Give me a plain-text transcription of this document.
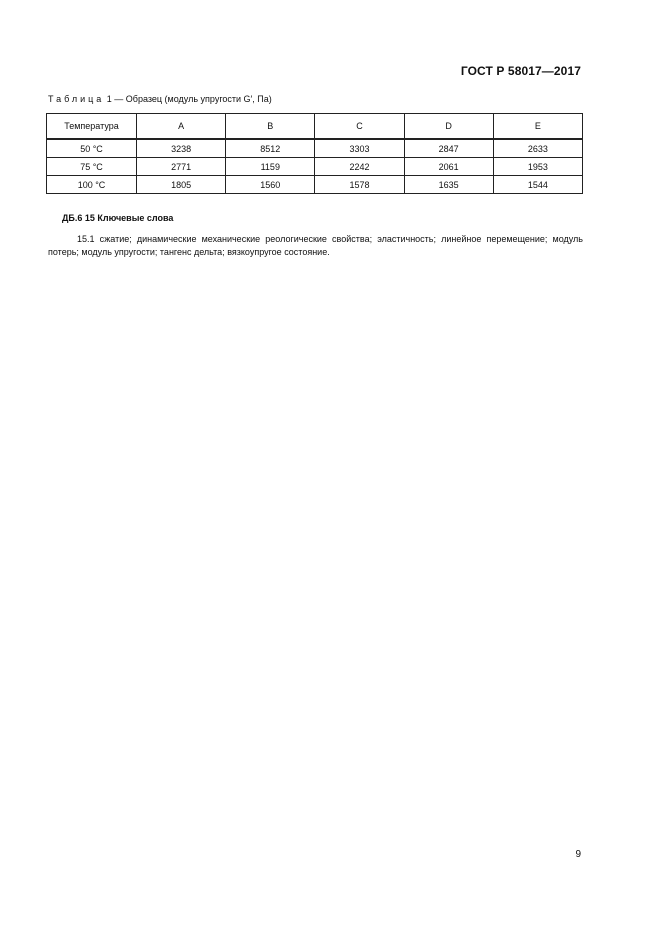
ГОСТ Р 58017—2017
Таблица 1 — Образец (модуль упругости G′, Па)
Температура	A	B	C	D	E
50 °С	3238	8512	3303	2847	2633
75 °С	2771	1159	2242	2061	1953
100 °С	1805	1560	1578	1635	1544
ДБ.6 15 Ключевые слова
15.1 сжатие; динамические механические реологические свойства; эластичность; линейное перемещение; модуль потерь; модуль упругости; тангенс дельта; вязкоупругое состояние.
9
